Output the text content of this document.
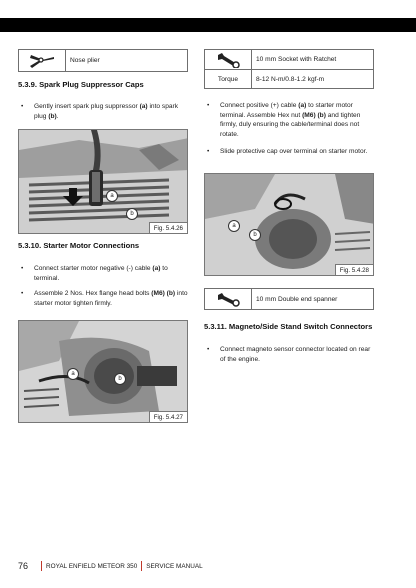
Nose plier
5.3.9. Spark Plug Suppressor Caps
• Gently insert spark plug suppressor (a) into spark plug (b).
a
b
Fig. 5.4.26
5.3.10. Starter Motor Connections
• Connect starter motor negative (-) cable (a) to terminal.
• Assemble 2 Nos. Hex flange head bolts (M6) (b) into starter motor tighten firmly.
a
b
Fig. 5.4.27
10 mm Socket with Ratchet
Torque	8-12 N-m/0.8-1.2 kgf-m
• Connect positive (+) cable (a) to starter motor terminal. Assemble Hex nut (M6) (b) and tighten firmly, duly ensuring the cable/terminal does not rotate.
• Slide protective cap over terminal on starter motor.
a
b
Fig. 5.4.28
10 mm Double end spanner
5.3.11. Magneto/Side Stand Switch Connectors
• Connect magneto sensor connector located on rear of the engine.
76	ROYAL ENFIELD METEOR 350 SERVICE MANUAL
